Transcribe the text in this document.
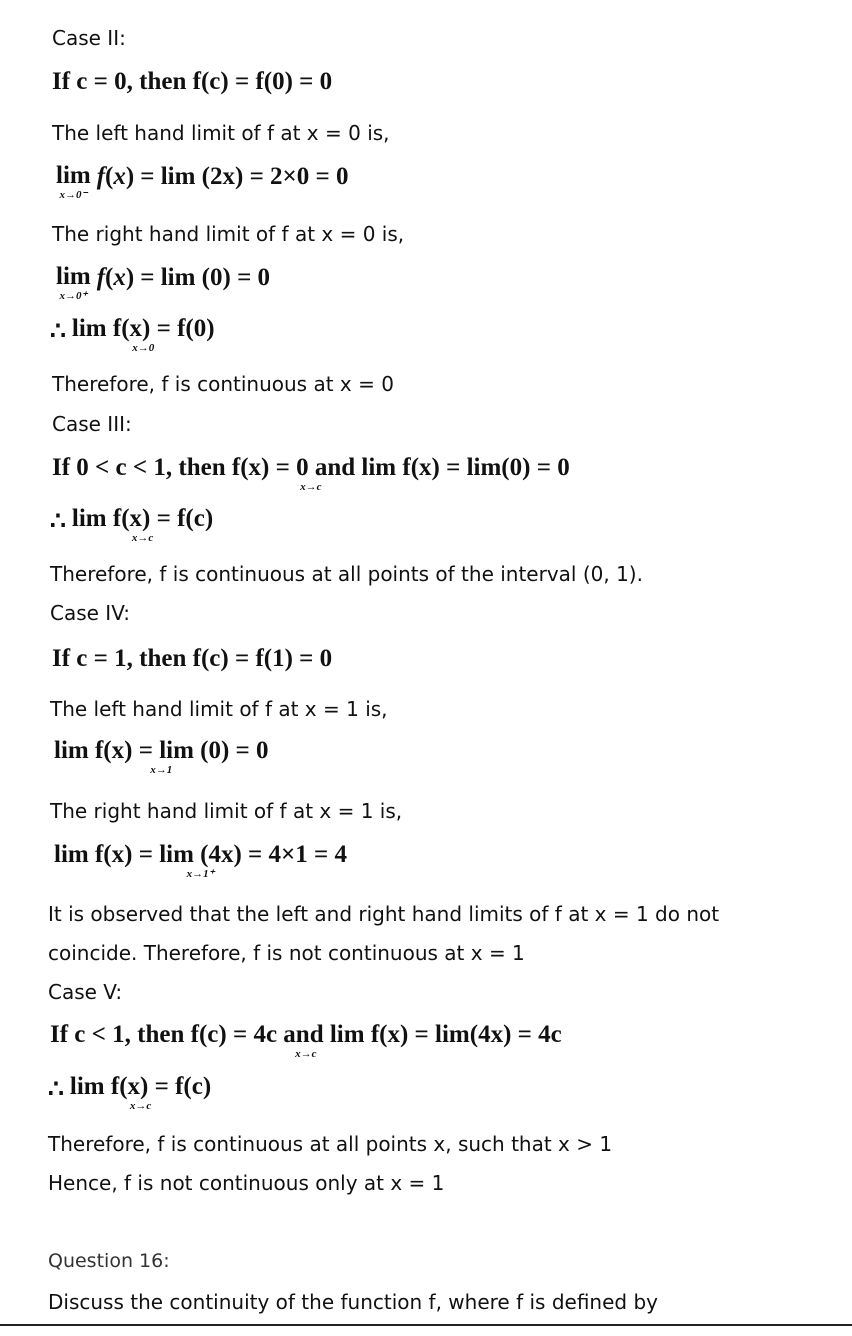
Case II:
If c = 0, then f(c) = f(0) = 0
The left hand limit of f at x = 0 is,
lim
x→0⁻
f ( x ) = lim (2x) = 2×0 = 0
The right hand limit of f at x = 0 is,
lim
x→0⁺
f ( x ) = lim (0) = 0
∴ lim f(x) = f(0)
x→0
Therefore, f is continuous at x = 0
Case III:
If 0 < c < 1, then f(x) = 0 and lim f(x) = lim(0) = 0
x→c
∴ lim f(x) = f(c)
x→c
Therefore, f is continuous at all points of the interval (0, 1).
Case IV:
If c = 1, then f(c) = f(1) = 0
The left hand limit of f at x = 1 is,
lim f(x) = lim (0) = 0
x→1
The right hand limit of f at x = 1 is,
lim f(x) = lim (4x) = 4×1 = 4
x→1⁺
It is observed that the left and right hand limits of f at x = 1 do not
coincide. Therefore, f is not continuous at x = 1
Case V:
If c < 1, then f(c) = 4c and lim f(x) = lim(4x) = 4c
x→c
∴ lim f(x) = f(c)
x→c
Therefore, f is continuous at all points x, such that x > 1
Hence, f is not continuous only at x = 1
Question 16:
Discuss the continuity of the function f, where f is defined by
